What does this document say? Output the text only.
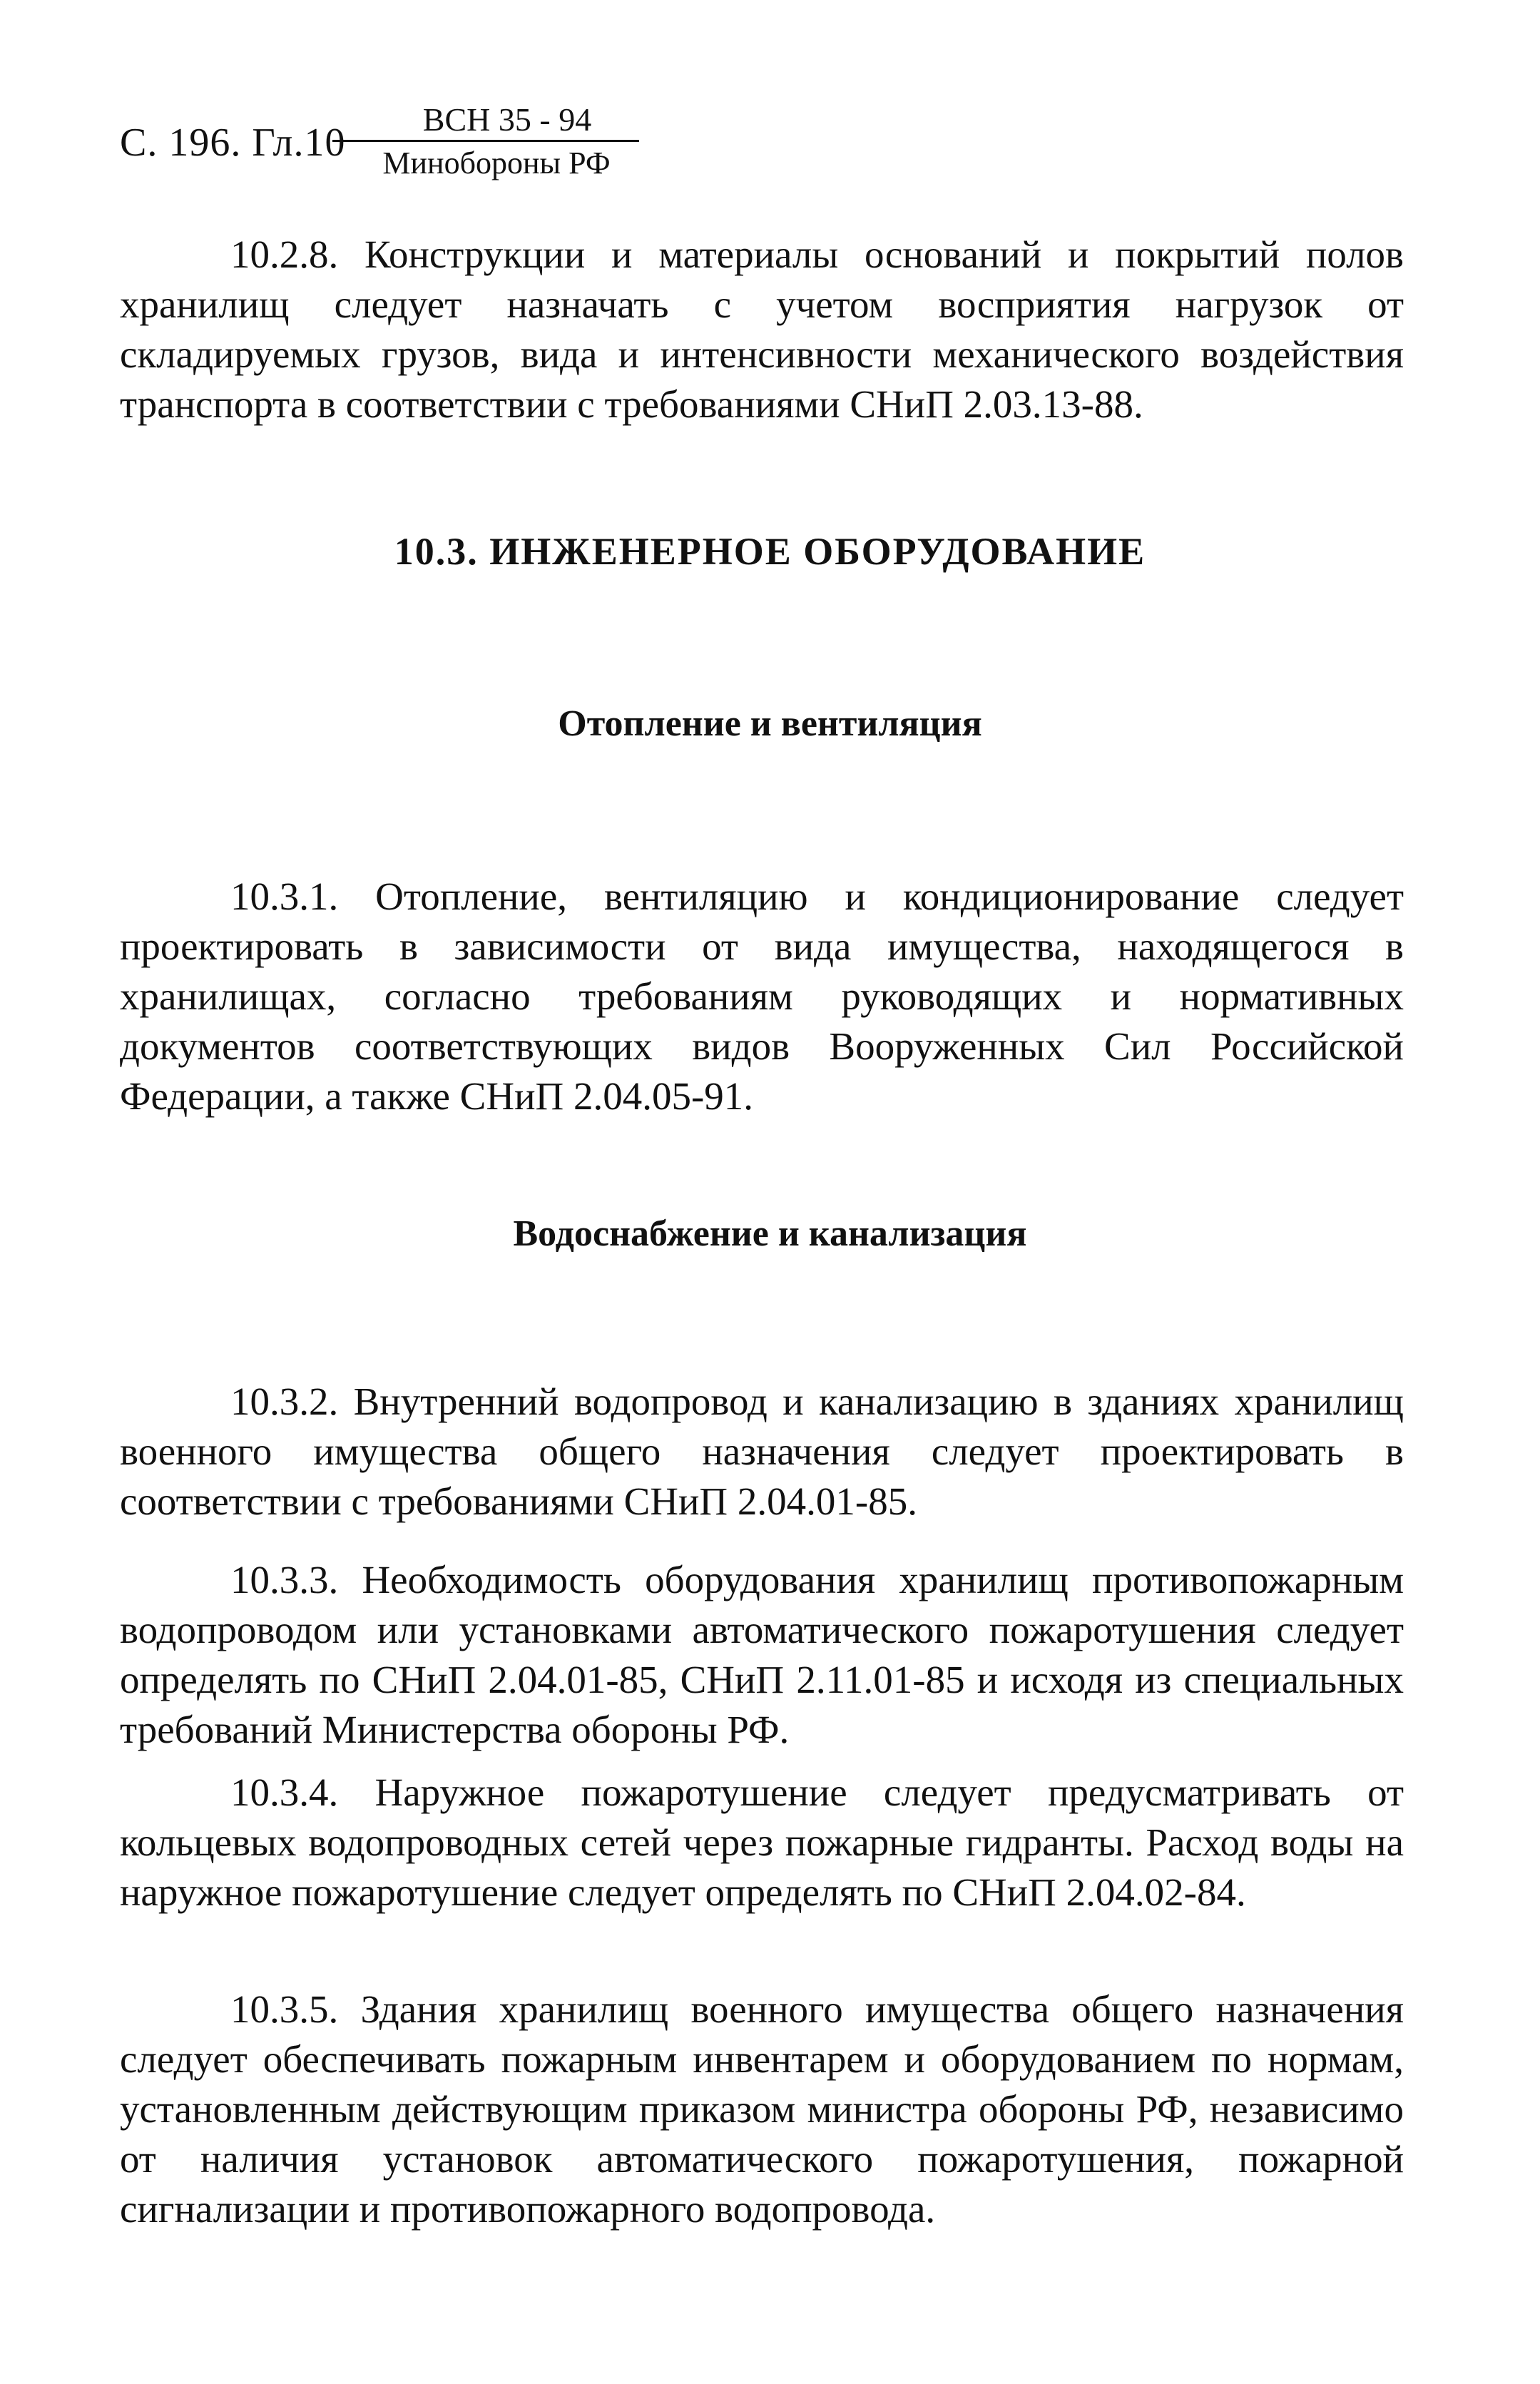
С. 196. Гл.10
ВСН 35 - 94
Минобороны РФ

10.2.8. Конструкции и материалы оснований и покрытий полов хранилищ следует назначать с учетом восприятия нагрузок от складируемых грузов, вида и интенсивности механического воздействия транспорта в соответствии с требованиями СНиП 2.03.13-88.

10.3. ИНЖЕНЕРНОЕ ОБОРУДОВАНИЕ
Отопление и вентиляция

10.3.1. Отопление, вентиляцию и кондиционирование следует проектировать в зависимости от вида имущества, находящегося в хранилищах, согласно требованиям руководящих и нормативных документов соответствующих видов Вооруженных Сил Российской Федерации, а также СНиП 2.04.05-91.

Водоснабжение и канализация

10.3.2. Внутренний водопровод и канализацию в зданиях хранилищ военного имущества общего назначения следует проектировать в соответствии с требованиями СНиП 2.04.01-85.

10.3.3. Необходимость оборудования хранилищ противопожарным водопроводом или установками автоматического пожаротушения следует определять по СНиП 2.04.01-85, СНиП 2.11.01-85 и исходя из специальных требований Министерства обороны РФ.

10.3.4. Наружное пожаротушение следует предусматривать от кольцевых водопроводных сетей через пожарные гидранты. Расход воды на наружное пожаротушение следует определять по СНиП 2.04.02-84.

10.3.5. Здания хранилищ военного имущества общего назначения следует обеспечивать пожарным инвентарем и оборудованием по нормам, установленным действующим приказом министра обороны РФ, независимо от наличия установок автоматического пожаротушения, пожарной сигнализации и противопожарного водопровода.
